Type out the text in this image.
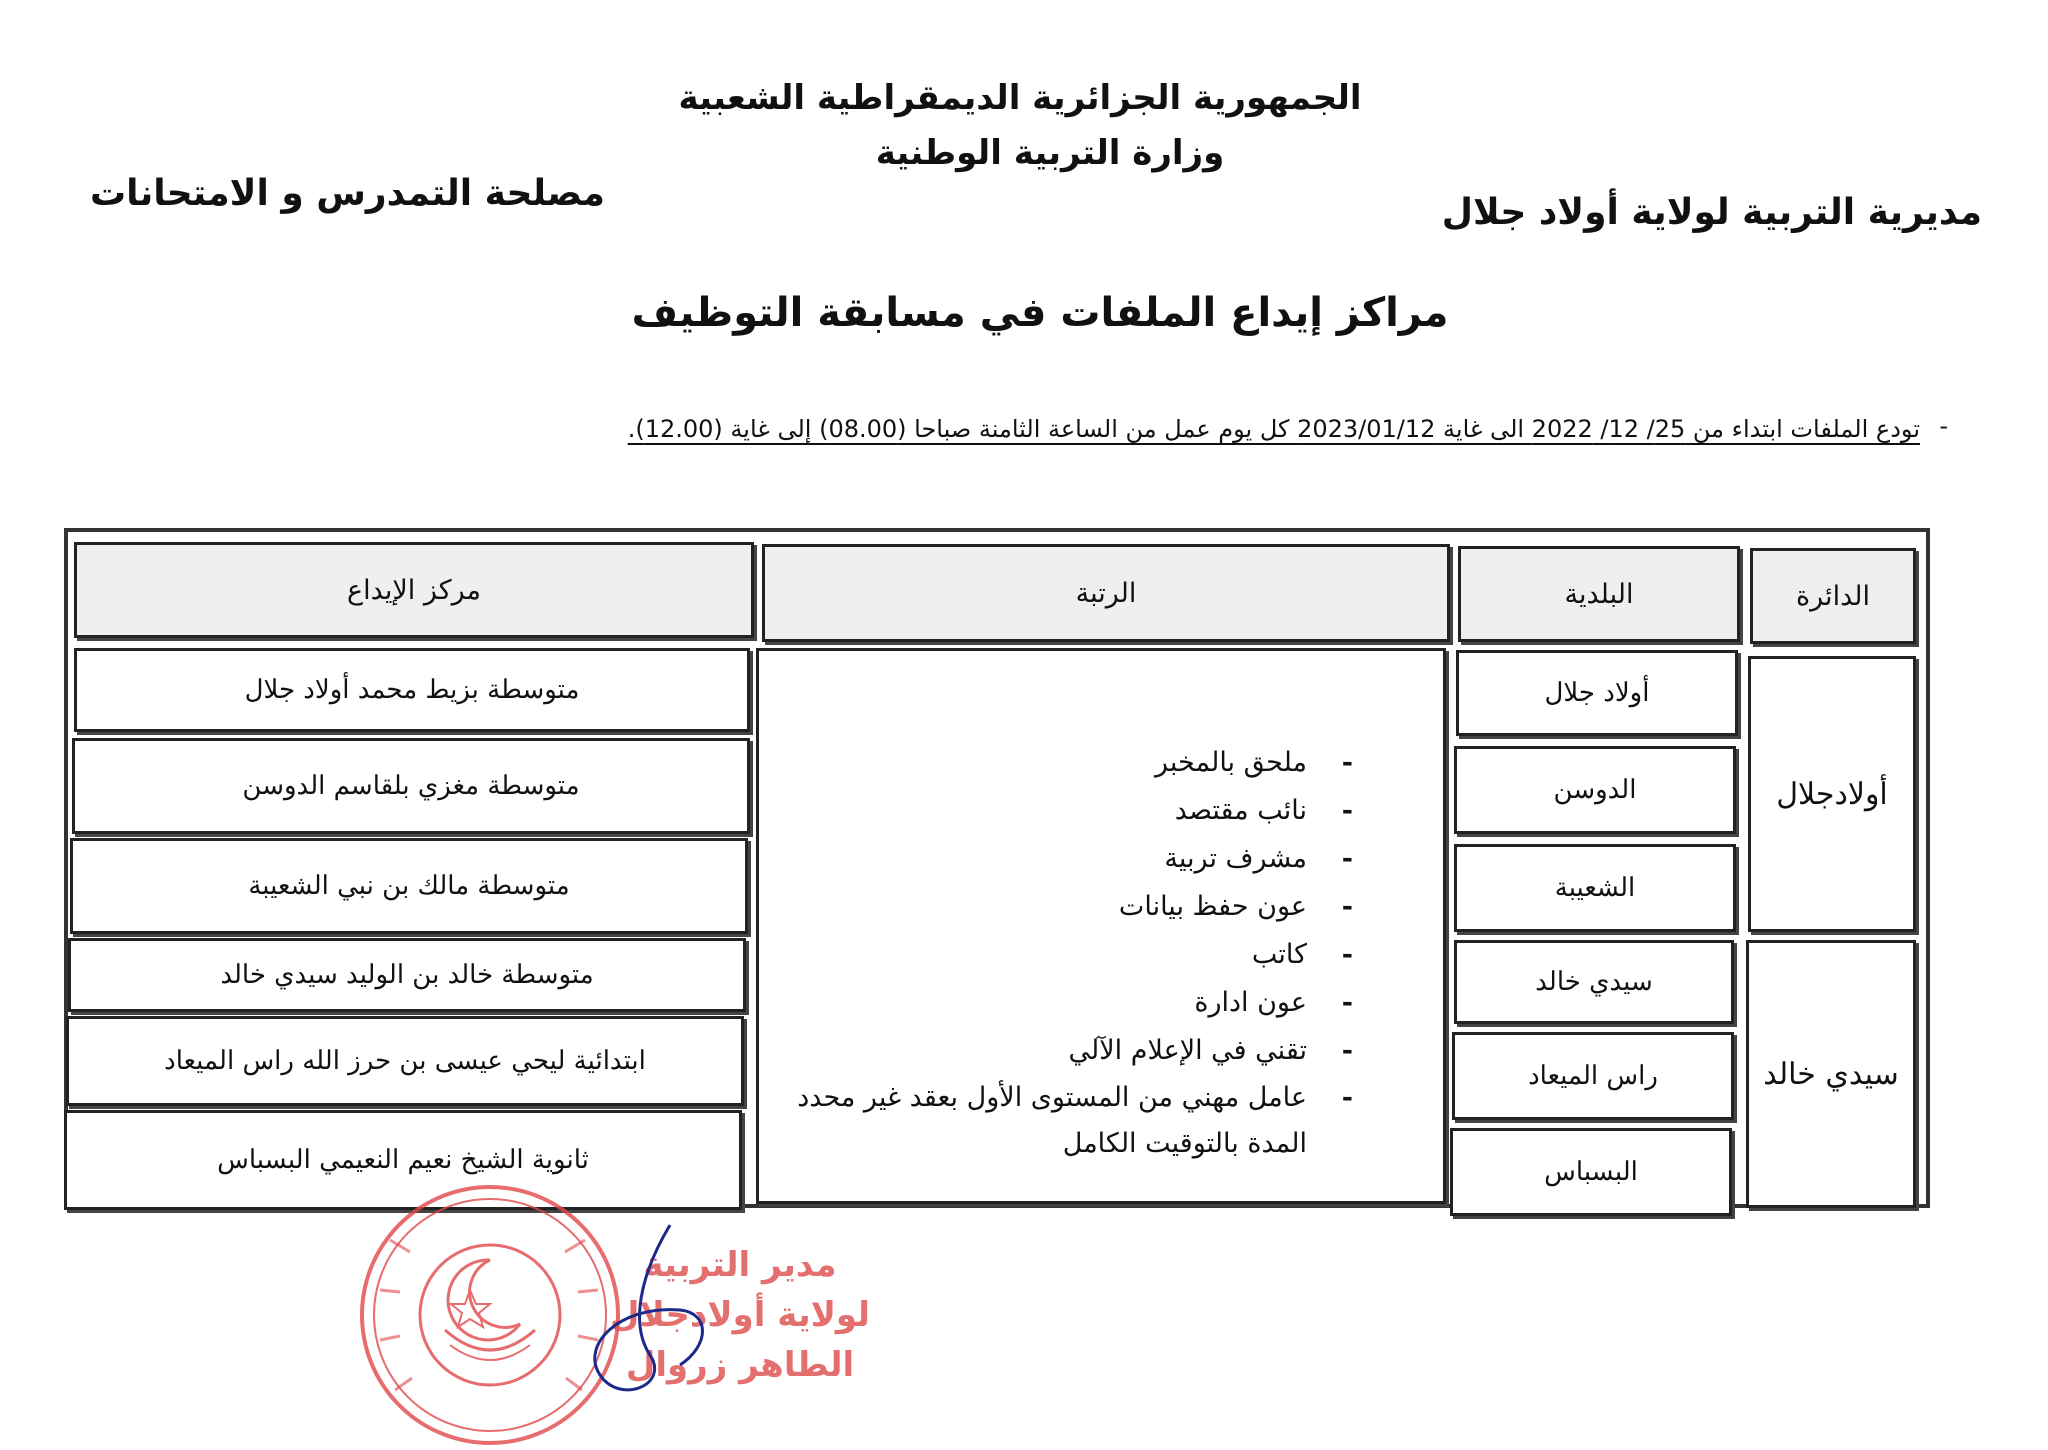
الجمهورية الجزائرية الديمقراطية الشعبية
وزارة التربية الوطنية
مديرية التربية لولاية أولاد جلال
مصلحة التمدرس و الامتحانات
مراكز إيداع الملفات في مسابقة التوظيف
-
تودع الملفات ابتداء من 25/ 12/ 2022 الى غاية 2023/01/12 كل يوم عمل من الساعة الثامنة صباحا (08.00) إلى غاية (12.00).
الدائرة
البلدية
الرتبة
مركز الإيداع
أولادجلال
سيدي خالد
أولاد جلال
الدوسن
الشعيبة
سيدي خالد
راس الميعاد
البسباس
- ملحق بالمخبر
- نائب مقتصد
- مشرف تربية
- عون حفظ بيانات
- كاتب
- عون ادارة
- تقني في الإعلام الآلي
- عامل مهني من المستوى الأول بعقد غير محدد المدة بالتوقيت الكامل
متوسطة بزيط محمد أولاد جلال
متوسطة مغزي بلقاسم الدوسن
متوسطة مالك بن نبي الشعيبة
متوسطة خالد بن الوليد سيدي خالد
ابتدائية ليحي عيسى بن حرز الله راس الميعاد
ثانوية الشيخ نعيم النعيمي البسباس
مدير التربية
لولاية أولادجلال
الطاهر زروال
